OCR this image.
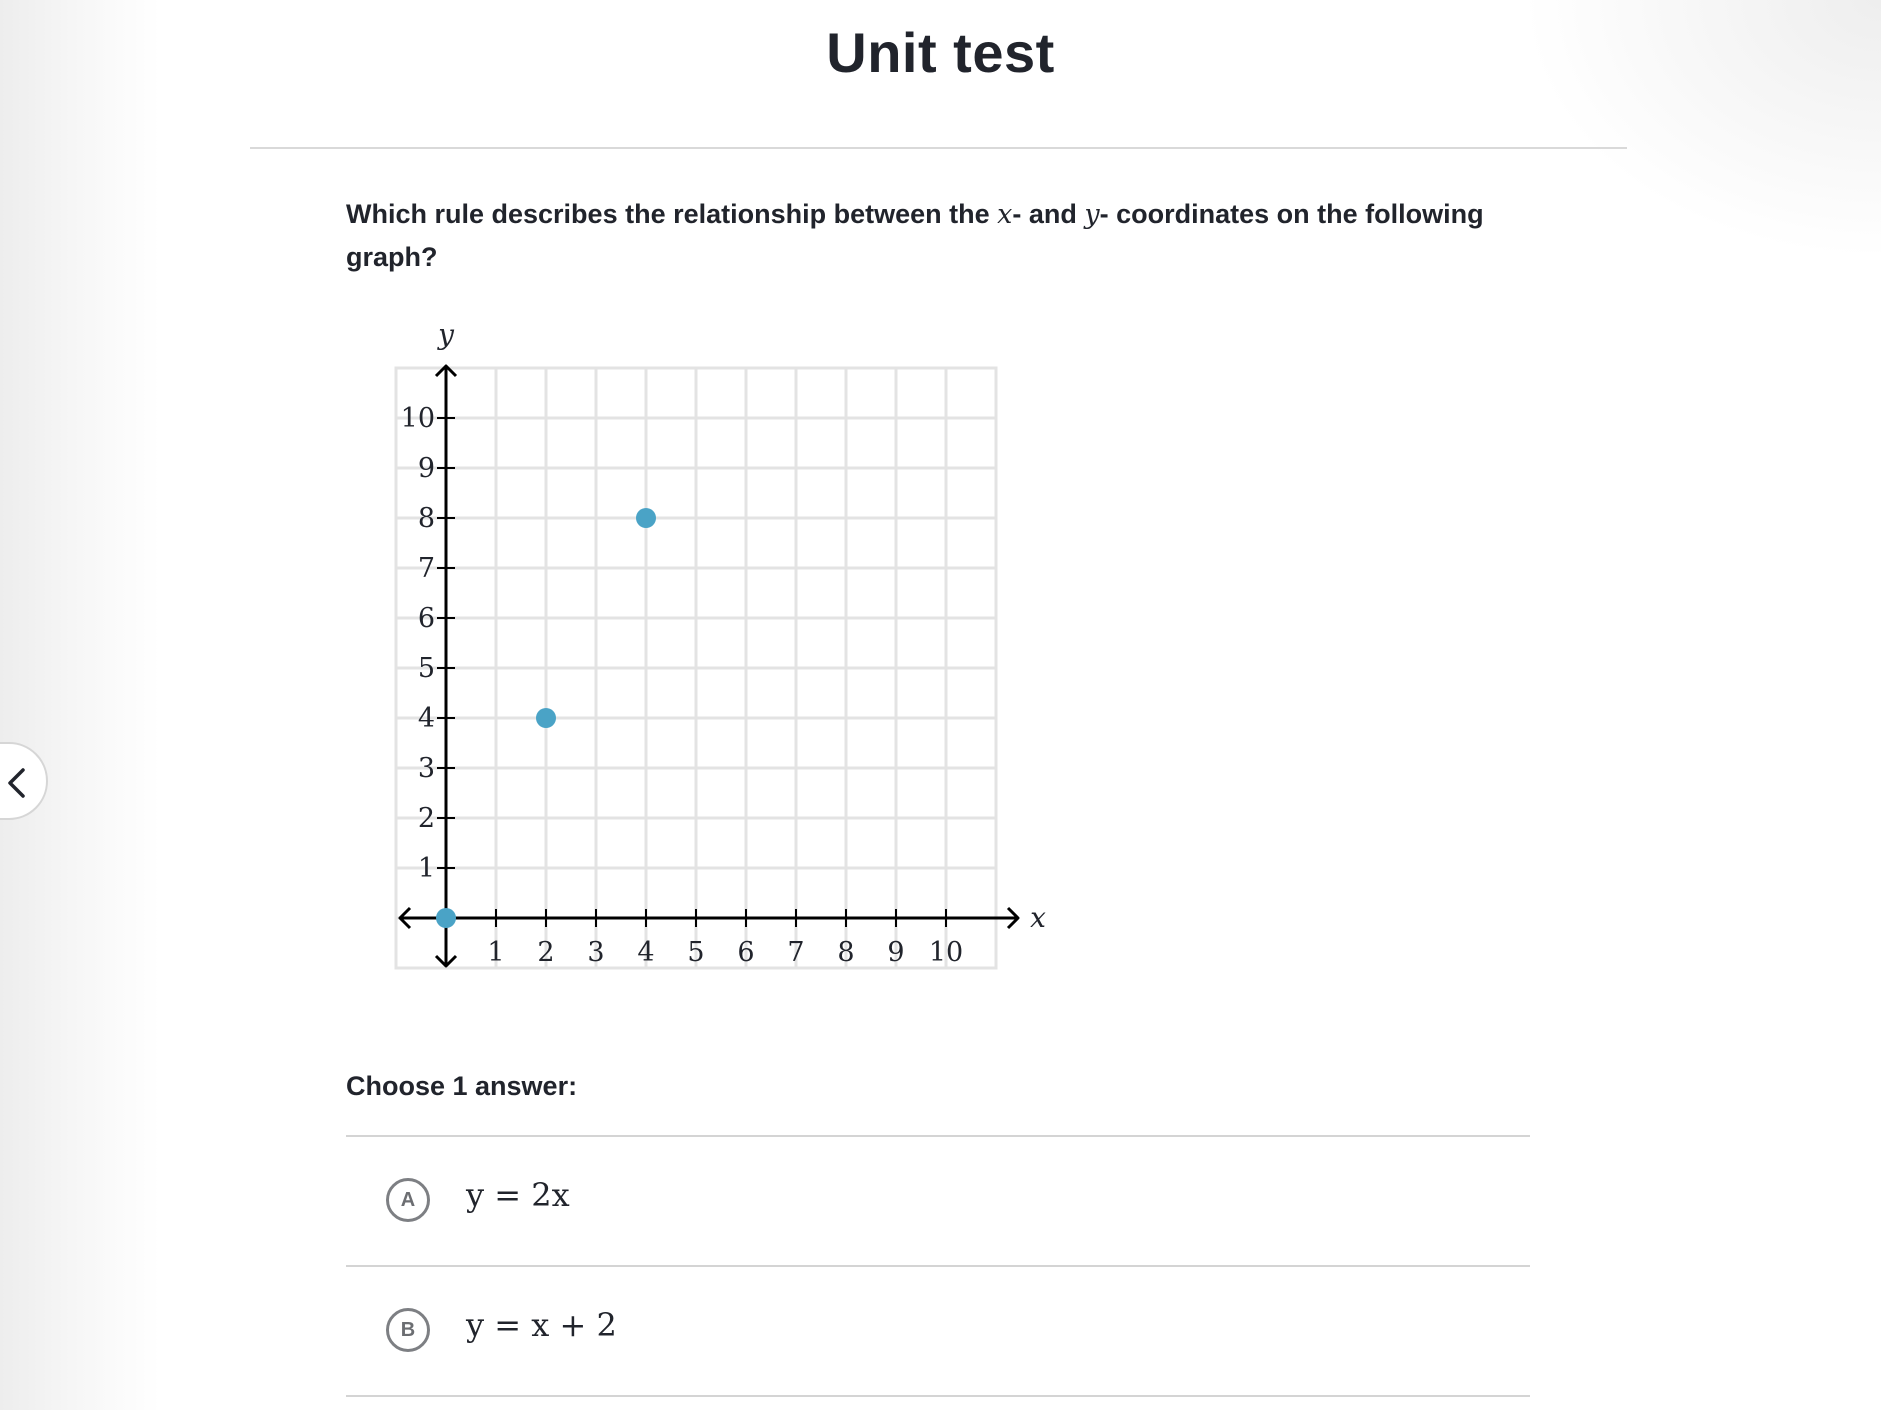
Unit test
Which rule describes the relationship between the x- and y- coordinates on the following graph?
x
y
1 2 3 4 5 6 7 8 9 10
1
2
3
4
5
6
7
8
9
10
Choose 1 answer:
A	y = 2x
B	y = x + 2
